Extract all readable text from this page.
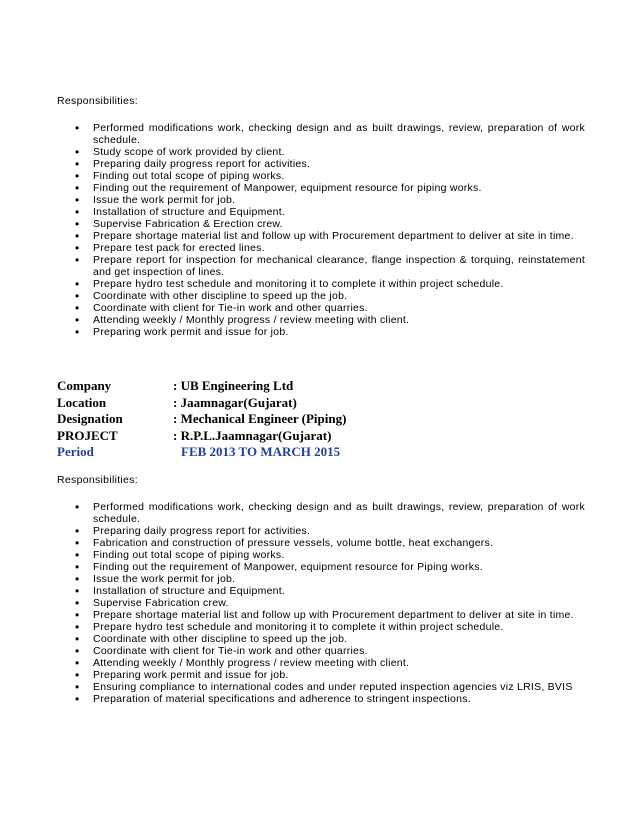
Responsibilities:
• Performed modifications work, checking design and as built drawings, review, preparation of work schedule.
• Study scope of work provided by client.
• Preparing daily progress report for activities.
• Finding out total scope of piping works.
• Finding out the requirement of Manpower, equipment resource for piping works.
• Issue the work permit for job.
• Installation of structure and Equipment.
• Supervise Fabrication & Erection crew.
• Prepare shortage material list and follow up with Procurement department to deliver at site in time.
• Prepare test pack for erected lines.
• Prepare report for inspection for mechanical clearance, flange inspection & torquing, reinstatement and get inspection of lines.
• Prepare hydro test schedule and monitoring it to complete it within project schedule.
• Coordinate with other discipline to speed up the job.
• Coordinate with client for Tie-in work and other quarries.
• Attending weekly / Monthly progress / review meeting with client.
• Preparing work permit and issue for job.
Company	: UB Engineering Ltd
Location	: Jaamnagar(Gujarat)
Designation	: Mechanical Engineer (Piping)
PROJECT	: R.P.L.Jaamnagar(Gujarat)
Period	FEB 2013 TO MARCH 2015
Responsibilities:
• Performed modifications work, checking design and as built drawings, review, preparation of work schedule.
• Preparing daily progress report for activities.
• Fabrication and construction of pressure vessels, volume bottle, heat exchangers.
• Finding out total scope of piping works.
• Finding out the requirement of Manpower, equipment resource for Piping works.
• Issue the work permit for job.
• Installation of structure and Equipment.
• Supervise Fabrication crew.
• Prepare shortage material list and follow up with Procurement department to deliver at site in time.
• Prepare hydro test schedule and monitoring it to complete it within project schedule.
• Coordinate with other discipline to speed up the job.
• Coordinate with client for Tie-in work and other quarries.
• Attending weekly / Monthly progress / review meeting with client.
• Preparing work permit and issue for job.
• Ensuring compliance to international codes and under reputed inspection agencies viz LRIS, BVIS
• Preparation of material specifications and adherence to stringent inspections.
